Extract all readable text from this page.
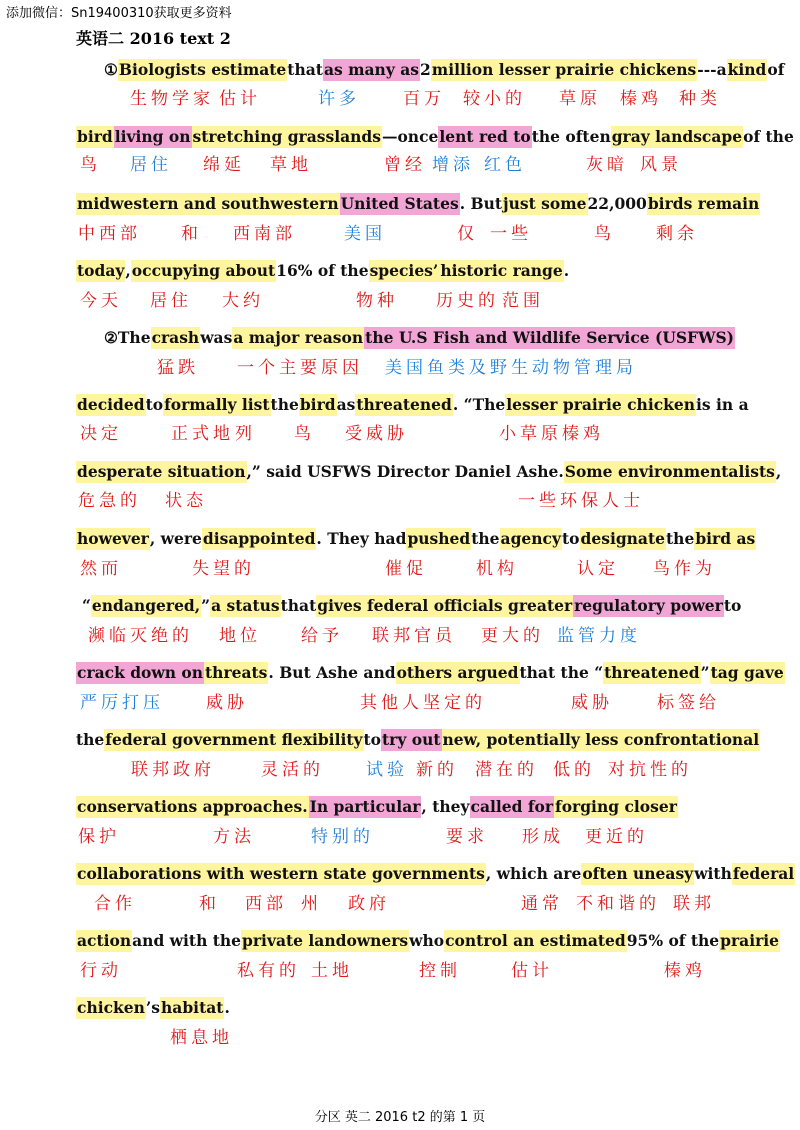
添加微信：Sn19400310获取更多资料
英语二 2016 text 2
①Biologists estimatethatas many as2million lesser prairie chickens---akindof
bird living on stretching grasslands—oncelent red tothe oftengray landscapeof the
midwestern and southwestern United States. Butjust some22,000birds remain
today,occupying about16% of thespecies’ historic range.
②Thecrashwasa major reason the U.S Fish and Wildlife Service (USFWS)
decidedtoformally listthebirdasthreatened. “Thelesser prairie chickenis in a
desperate situation,” said USFWS Director Daniel Ashe.Some environmentalists,
however, weredisappointed. They hadpushedtheagencytodesignatethebird as
“endangered,”a statusthatgives federal officials greater regulatory powerto
crack down on threats. But Ashe andothers arguedthat the “threatened”tag gave
thefederal government flexibilitytotry out new, potentially less confrontational
conservations approaches. In particular, theycalled for forging closer
collaborations with western state governments, which areoften uneasywithfederal
actionand with theprivate landownerswhocontrol an estimated95% of theprairie
chicken’shabitat.
生物学家 估计	许多	百万 较小的 草原 榛鸡 种类
鸟 居住 绵延 草地	曾经 增添 红色	灰暗 风景
中西部 和 西南部	美国	仅 一些	鸟 剩余
今天 居住 大约	物种 历史的 范围
猛跌 一个主要原因 美国鱼类及野生动物管理局
决定	正式地 列 鸟 受威胁	小草原榛鸡
危急的 状态	一些环保人士
然而	失望的	催促	机构	认定 鸟作为
濒临灭绝的 地位 给予 联邦官员 更大的 监管力度
严厉打压 威胁	其他人坚定的	威胁	标签给
联邦政府	灵活的 试验 新的 潜在的 低的 对抗性的
保护	方法	特别的	要求 形成 更近的
合作	和 西部 州 政府	通常 不和谐的 联邦
行动	私有的 土地	控制	估计	榛鸡
栖息地
分区 英二 2016 t2 的第 1 页
